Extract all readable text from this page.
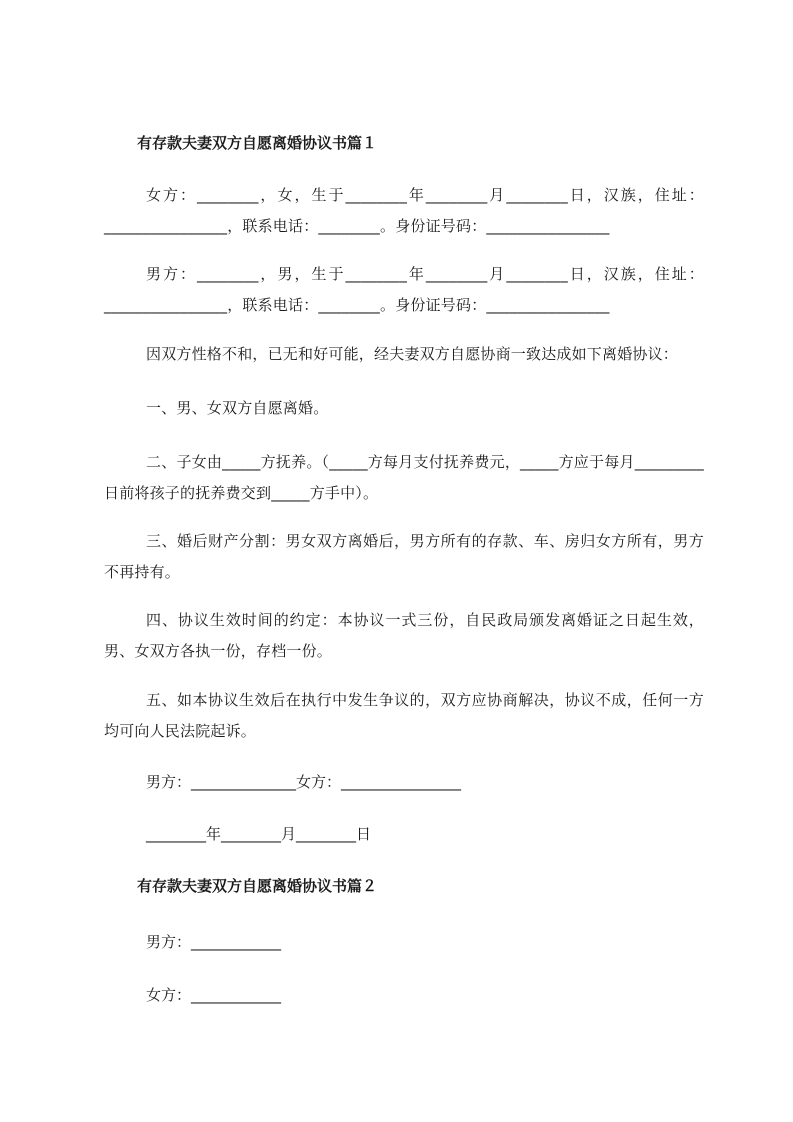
有存款夫妻双方自愿离婚协议书篇１
女方：________，女，生于________年________月________日，汉族，住址：________________，联系电话：________。身份证号码：________________
男方：________，男，生于________年________月________日，汉族，住址：________________，联系电话：________。身份证号码：________________
因双方性格不和，已无和好可能，经夫妻双方自愿协商一致达成如下离婚协议：
一、男、女双方自愿离婚。
二、子女由_____方抚养。（_____方每月支付抚养费元，_____方应于每月_________日前将孩子的抚养费交到_____方手中）。
三、婚后财产分割：男女双方离婚后，男方所有的存款、车、房归女方所有，男方不再持有。
四、协议生效时间的约定：本协议一式三份，自民政局颁发离婚证之日起生效，男、女双方各执一份，存档一份。
五、如本协议生效后在执行中发生争议的，双方应协商解决，协议不成，任何一方均可向人民法院起诉。
男方：______________女方：________________
________年________月________日
有存款夫妻双方自愿离婚协议书篇２
男方：____________
女方：____________
